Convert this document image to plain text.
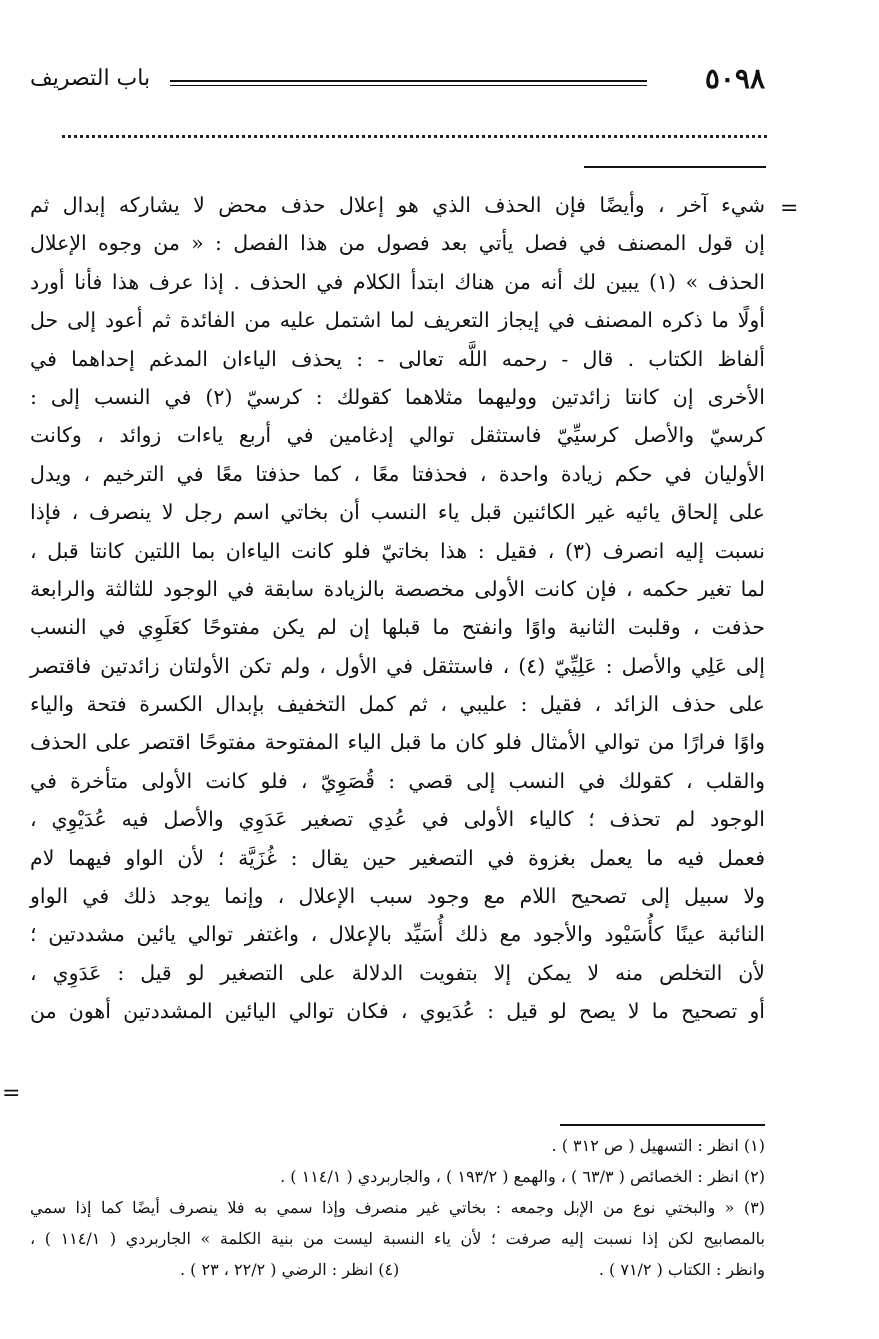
٥٠٩٨
باب التصريف
=
شيء آخر ، وأيضًا فإن الحذف الذي هو إعلال حذف محض لا يشاركه إبدال ثم
إن قول المصنف في فصل يأتي بعد فصول من هذا الفصل : « من وجوه الإعلال
الحذف » (١) يبين لك أنه من هناك ابتدأ الكلام في الحذف . إذا عرف هذا فأنا أورد
أولًا ما ذكره المصنف في إيجاز التعريف لما اشتمل عليه من الفائدة ثم أعود إلى حل
ألفاظ الكتاب . قال - رحمه اللَّه تعالى - : يحذف الياءان المدغم إحداهما في
الأخرى إن كانتا زائدتين ووليهما مثلاهما كقولك : كرسيّ (٢) في النسب إلى :
كرسيّ والأصل كرسيِّيّ فاستثقل توالي إدغامين في أربع ياءات زوائد ، وكانت
الأوليان في حكم زيادة واحدة ، فحذفتا معًا ، كما حذفتا معًا في الترخيم ، ويدل
على إلحاق يائيه غير الكائنين قبل ياء النسب أن بخاتي اسم رجل لا ينصرف ، فإذا
نسبت إليه انصرف (٣) ، فقيل : هذا بخاتيّ فلو كانت الياءان بما اللتين كانتا قبل ،
لما تغير حكمه ، فإن كانت الأولى مخصصة بالزيادة سابقة في الوجود للثالثة والرابعة
حذفت ، وقلبت الثانية واوًا وانفتح ما قبلها إن لم يكن مفتوحًا كعَلَوِي في النسب
إلى عَلِي والأصل : عَلِيِّيّ (٤) ، فاستثقل في الأول ، ولم تكن الأولتان زائدتين فاقتصر
على حذف الزائد ، فقيل : عليبي ، ثم كمل التخفيف بإبدال الكسرة فتحة والياء
واوًا فرارًا من توالي الأمثال فلو كان ما قبل الياء المفتوحة مفتوحًا اقتصر على الحذف
والقلب ، كقولك في النسب إلى قصي : قُصَوِيّ ، فلو كانت الأولى متأخرة في
الوجود لم تحذف ؛ كالياء الأولى في عُدِي تصغير عَدَوِي والأصل فيه عُدَيْوِي ،
فعمل فيه ما يعمل بغزوة في التصغير حين يقال : غُزَيَّة ؛ لأن الواو فيهما لام
ولا سبيل إلى تصحيح اللام مع وجود سبب الإعلال ، وإنما يوجد ذلك في الواو
النائبة عينًا كأُسَيْود والأجود مع ذلك أُسَيِّد بالإعلال ، واغتفر توالي يائين مشددتين ؛
لأن التخلص منه لا يمكن إلا بتفويت الدلالة على التصغير لو قيل : عَدَوِي ،
أو تصحيح ما لا يصح لو قيل : عُدَيوي ، فكان توالي اليائين المشددتين أهون من
=
(١) انظر : التسهيل ( ص ٣١٢ ) .
(٢) انظر : الخصائص ( ٦٣/٣ ) ، والهمع ( ١٩٣/٢ ) ، والجاربردي ( ١١٤/١ ) .
(٣) « والبختي نوع من الإبل وجمعه : بخاتي غير منصرف وإذا سمي به فلا ينصرف أيضًا كما إذا سمي
بالمصابيح لكن إذا نسبت إليه صرفت ؛ لأن ياء النسبة ليست من بنية الكلمة » الجاربردي ( ١١٤/١ ) ،
وانظر : الكتاب ( ٧١/٢ ) .
(٤) انظر : الرضي ( ٢٢/٢ ، ٢٣ ) .
